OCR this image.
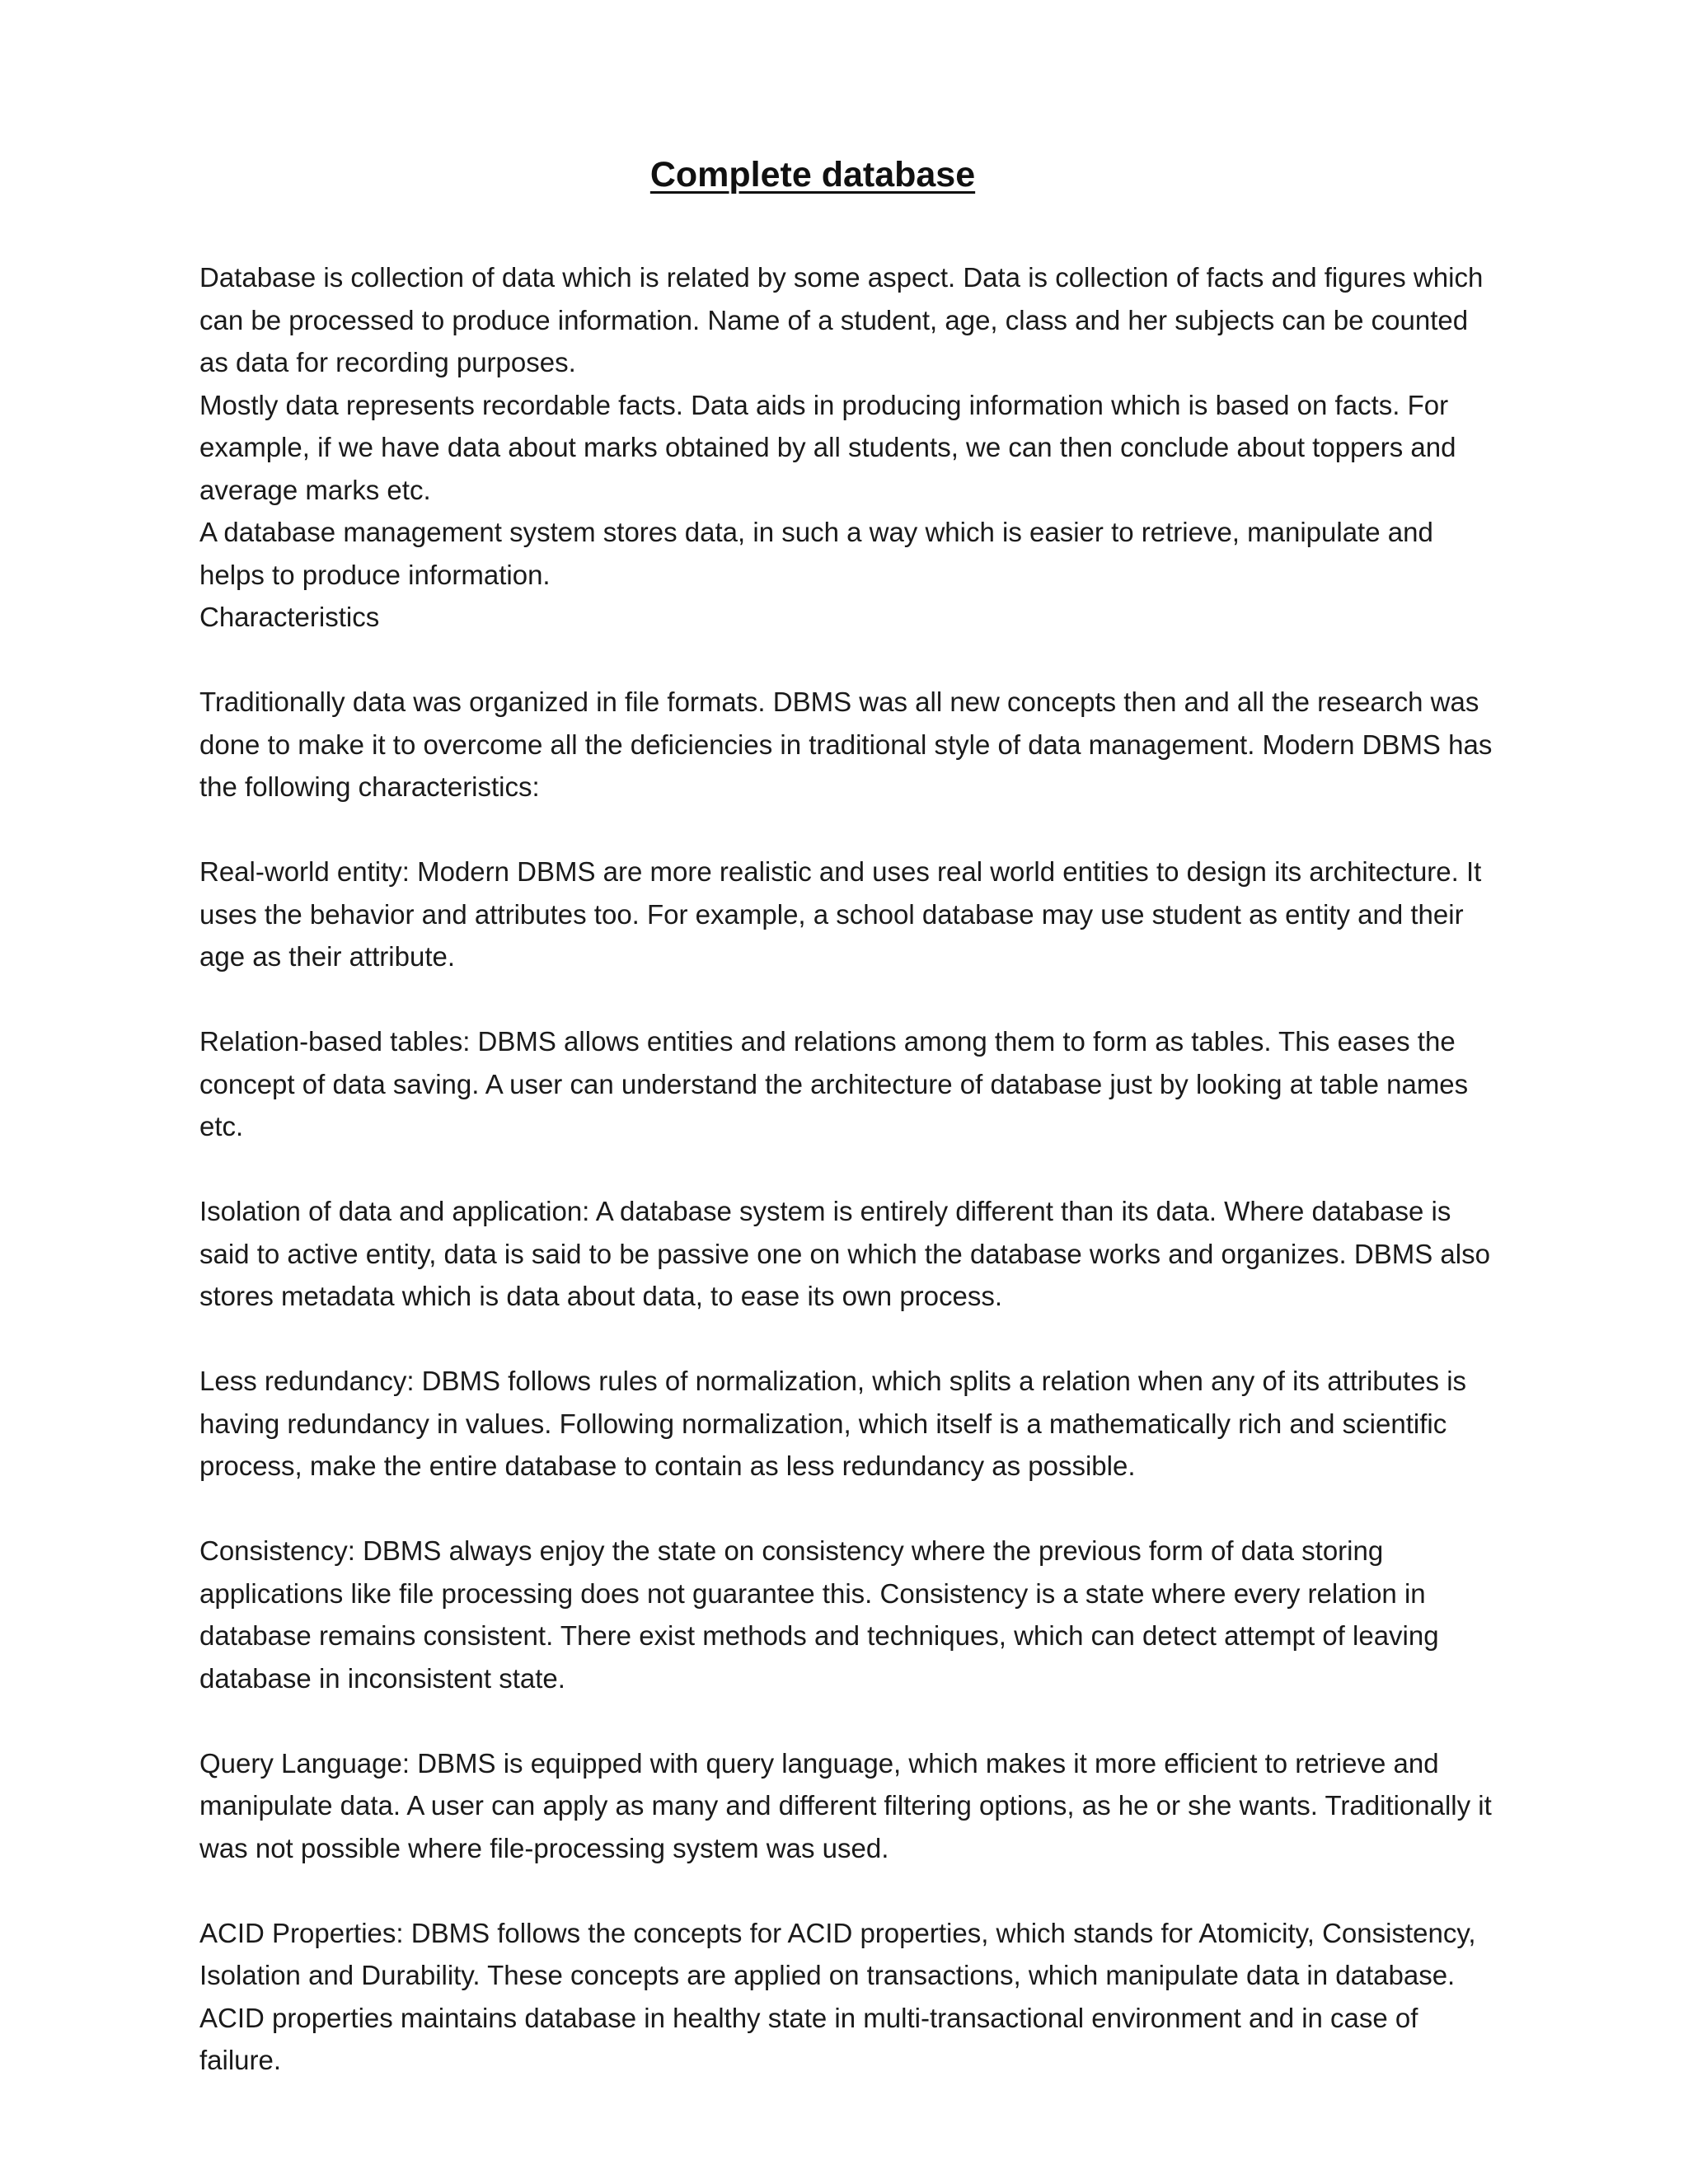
Complete database

Database is collection of data which is related by some aspect. Data is collection of facts and figures which can be processed to produce information. Name of a student, age, class and her subjects can be counted as data for recording purposes.

Mostly data represents recordable facts. Data aids in producing information which is based on facts. For example, if we have data about marks obtained by all students, we can then conclude about toppers and average marks etc.

A database management system stores data, in such a way which is easier to retrieve, manipulate and helps to produce information.

Characteristics

Traditionally data was organized in file formats. DBMS was all new concepts then and all the research was done to make it to overcome all the deficiencies in traditional style of data management. Modern DBMS has the following characteristics:

Real-world entity: Modern DBMS are more realistic and uses real world entities to design its architecture. It uses the behavior and attributes too. For example, a school database may use student as entity and their age as their attribute.

Relation-based tables: DBMS allows entities and relations among them to form as tables. This eases the concept of data saving. A user can understand the architecture of database just by looking at table names etc.

Isolation of data and application: A database system is entirely different than its data. Where database is said to active entity, data is said to be passive one on which the database works and organizes. DBMS also stores metadata which is data about data, to ease its own process.

Less redundancy: DBMS follows rules of normalization, which splits a relation when any of its attributes is having redundancy in values. Following normalization, which itself is a mathematically rich and scientific process, make the entire database to contain as less redundancy as possible.

Consistency: DBMS always enjoy the state on consistency where the previous form of data storing applications like file processing does not guarantee this. Consistency is a state where every relation in database remains consistent. There exist methods and techniques, which can detect attempt of leaving database in inconsistent state.

Query Language: DBMS is equipped with query language, which makes it more efficient to retrieve and manipulate data. A user can apply as many and different filtering options, as he or she wants. Traditionally it was not possible where file-processing system was used.

ACID Properties: DBMS follows the concepts for ACID properties, which stands for Atomicity, Consistency, Isolation and Durability. These concepts are applied on transactions, which manipulate data in database. ACID properties maintains database in healthy state in multi-transactional environment and in case of failure.
